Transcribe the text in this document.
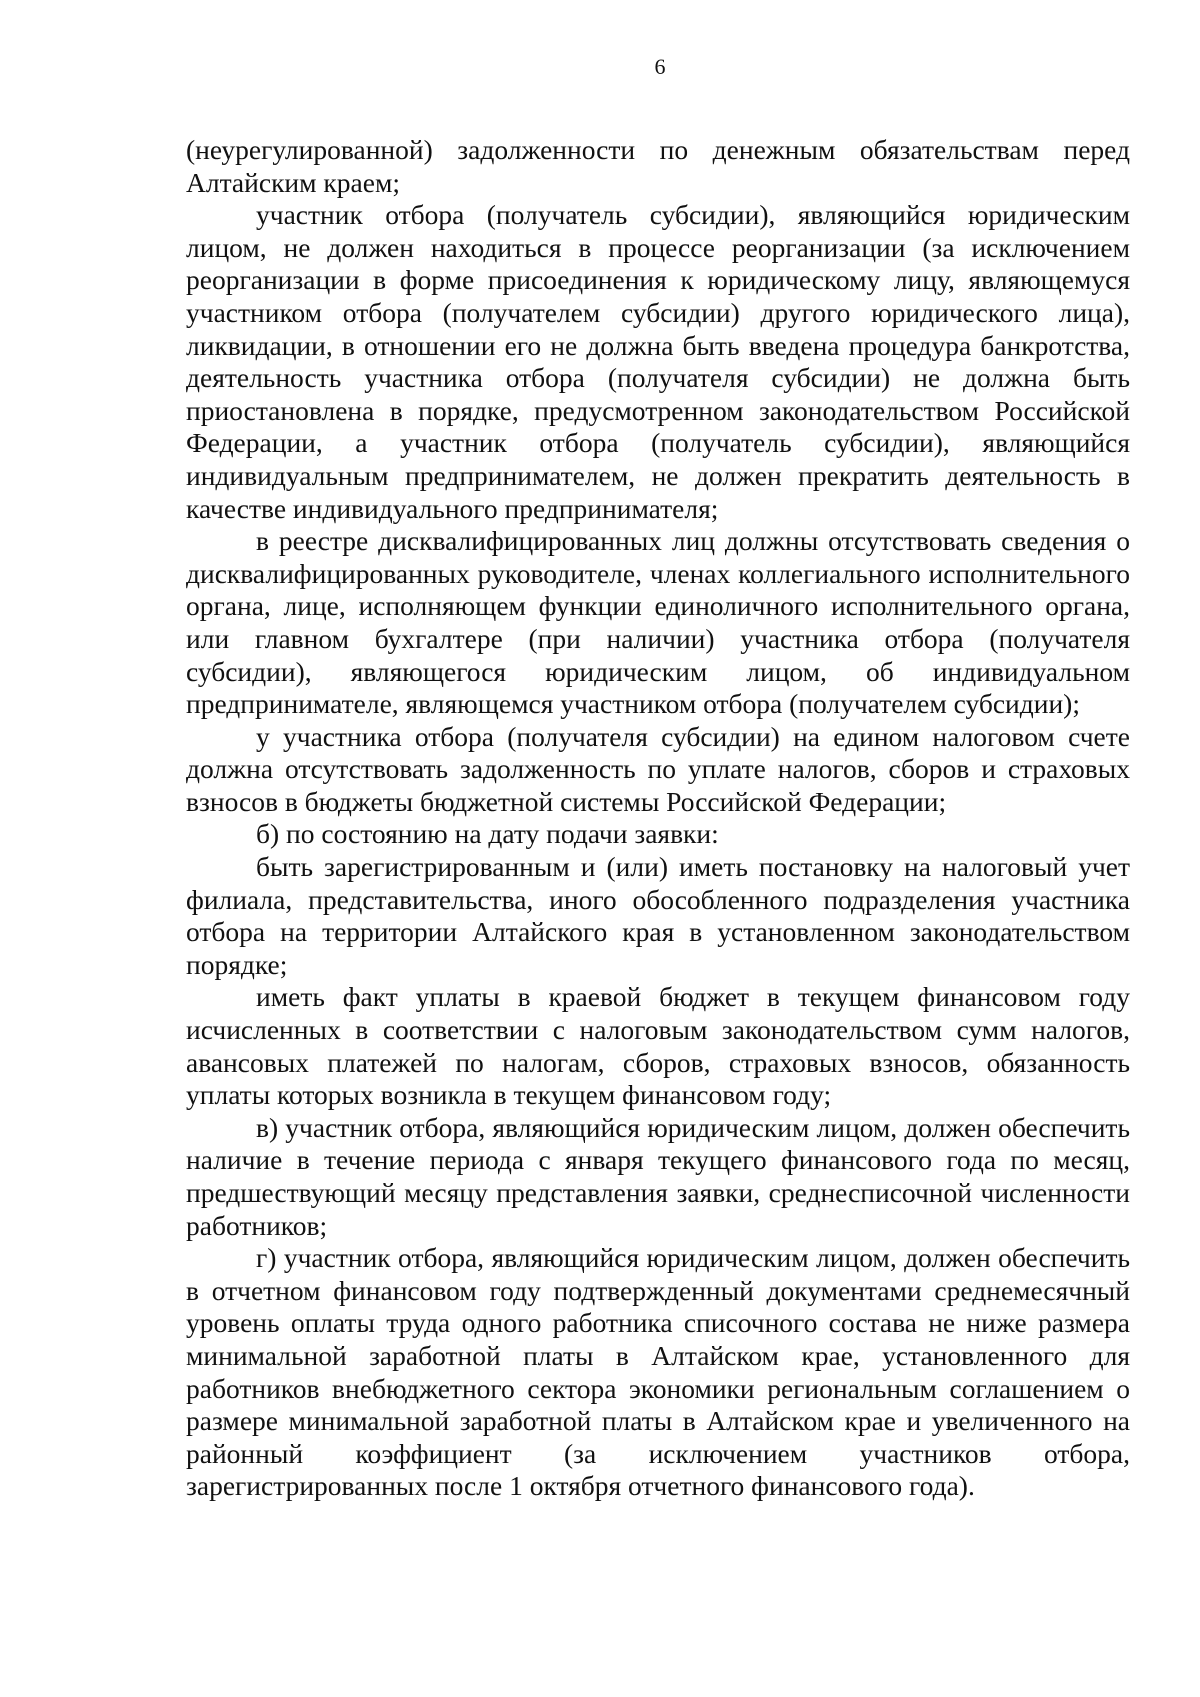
6

(неурегулированной) задолженности по денежным обязательствам перед Алтайским краем;

участник отбора (получатель субсидии), являющийся юридическим лицом, не должен находиться в процессе реорганизации (за исключением реорганизации в форме присоединения к юридическому лицу, являющемуся участником отбора (получателем субсидии) другого юридического лица), ликвидации, в отношении его не должна быть введена процедура банкротства, деятельность участника отбора (получателя субсидии) не должна быть приостановлена в порядке, предусмотренном законодательством Российской Федерации, а участник отбора (получатель субсидии), являющийся индивидуальным предпринимателем, не должен прекратить деятельность в качестве индивидуального предпринимателя;

в реестре дисквалифицированных лиц должны отсутствовать сведения о дисквалифицированных руководителе, членах коллегиального исполнительного органа, лице, исполняющем функции единоличного исполнительного органа, или главном бухгалтере (при наличии) участника отбора (получателя субсидии), являющегося юридическим лицом, об индивидуальном предпринимателе, являющемся участником отбора (получателем субсидии);

у участника отбора (получателя субсидии) на едином налоговом счете должна отсутствовать задолженность по уплате налогов, сборов и страховых взносов в бюджеты бюджетной системы Российской Федерации;

б) по состоянию на дату подачи заявки:

быть зарегистрированным и (или) иметь постановку на налоговый учет филиала, представительства, иного обособленного подразделения участника отбора на территории Алтайского края в установленном законодательством порядке;

иметь факт уплаты в краевой бюджет в текущем финансовом году исчисленных в соответствии с налоговым законодательством сумм налогов, авансовых платежей по налогам, сборов, страховых взносов, обязанность уплаты которых возникла в текущем финансовом году;

в) участник отбора, являющийся юридическим лицом, должен обеспечить наличие в течение периода с января текущего финансового года по месяц, предшествующий месяцу представления заявки, среднесписочной численности работников;

г) участник отбора, являющийся юридическим лицом, должен обеспечить в отчетном финансовом году подтвержденный документами среднемесячный уровень оплаты труда одного работника списочного состава не ниже размера минимальной заработной платы в Алтайском крае, установленного для работников внебюджетного сектора экономики региональным соглашением о размере минимальной заработной платы в Алтайском крае и увеличенного на районный коэффициент (за исключением участников отбора, зарегистрированных после 1 октября отчетного финансового года).
